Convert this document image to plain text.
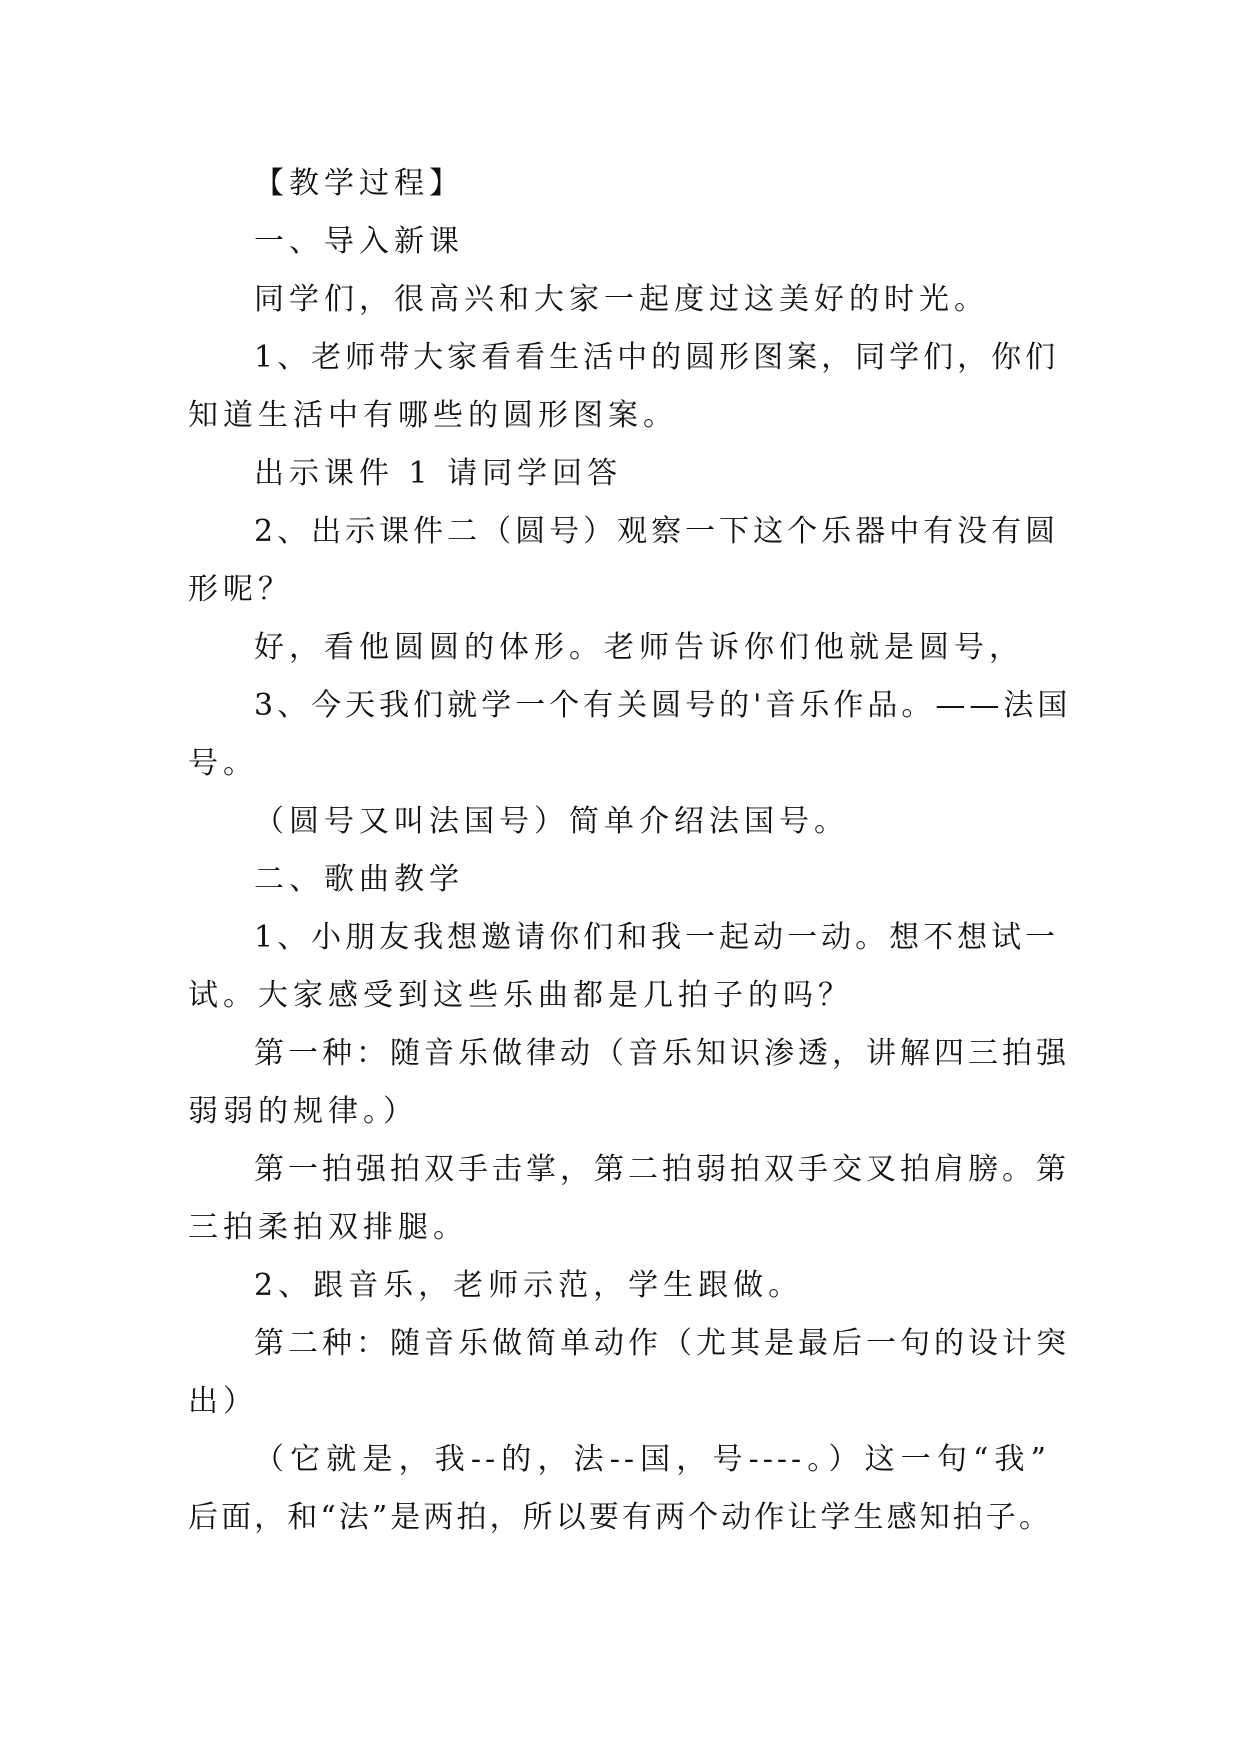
【教学过程】

一、导入新课

同学们，很高兴和大家一起度过这美好的时光。

1、老师带大家看看生活中的圆形图案，同学们，你们

知道生活中有哪些的圆形图案。

出示课件 1 请同学回答

2、出示课件二（圆号）观察一下这个乐器中有没有圆

形呢？

好，看他圆圆的体形。老师告诉你们他就是圆号，

3、今天我们就学一个有关圆号的'音乐作品。——法国

号。

（圆号又叫法国号）简单介绍法国号。

二、歌曲教学

1、小朋友我想邀请你们和我一起动一动。想不想试一

试。大家感受到这些乐曲都是几拍子的吗？

第一种：随音乐做律动（音乐知识渗透，讲解四三拍强

弱弱的规律。）

第一拍强拍双手击掌，第二拍弱拍双手交叉拍肩膀。第

三拍柔拍双排腿。

2、跟音乐，老师示范，学生跟做。

第二种：随音乐做简单动作（尤其是最后一句的设计突

出）

（它就是，我--的，法--国，号----。）这一句“我”

后面，和“法”是两拍，所以要有两个动作让学生感知拍子。
